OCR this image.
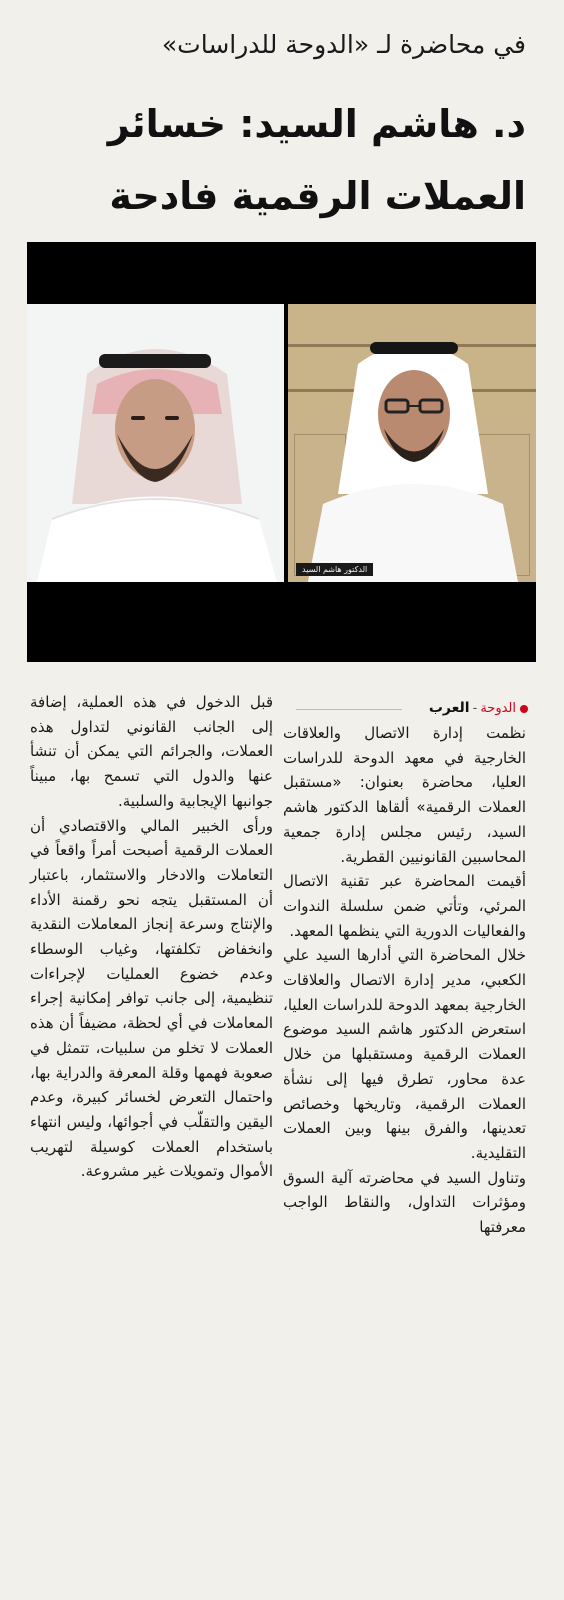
في محاضرة لـ «الدوحة للدراسات»
د. هاشم السيد: خسائر
العملات الرقمية فادحة
الدكتور هاشم السيد
الدوحة-العرب

نظمت إدارة الاتصال والعلاقات الخارجية في معهد الدوحة للدراسات العليا، محاضرة بعنوان: «مستقبل العملات الرقمية» ألقاها الدكتور هاشم السيد، رئيس مجلس إدارة جمعية المحاسبين القانونيين القطرية.

أقيمت المحاضرة عبر تقنية الاتصال المرئي، وتأتي ضمن سلسلة الندوات والفعاليات الدورية التي ينظمها المعهد.

خلال المحاضرة التي أدارها السيد علي الكعبي، مدير إدارة الاتصال والعلاقات الخارجية بمعهد الدوحة للدراسات العليا، استعرض الدكتور هاشم السيد موضوع العملات الرقمية ومستقبلها من خلال عدة محاور، تطرق فيها إلى نشأة العملات الرقمية، وتاريخها وخصائص تعدينها، والفرق بينها وبين العملات التقليدية.

وتناول السيد في محاضرته آلية السوق ومؤثرات التداول، والنقاط الواجب معرفتها

قبل الدخول في هذه العملية، إضافة إلى الجانب القانوني لتداول هذه العملات، والجرائم التي يمكن أن تنشأ عنها والدول التي تسمح بها، مبيناً جوانبها الإيجابية والسلبية.

ورأى الخبير المالي والاقتصادي أن العملات الرقمية أصبحت أمراً واقعاً في التعاملات والادخار والاستثمار، باعتبار أن المستقبل يتجه نحو رقمنة الأداء والإنتاج وسرعة إنجاز المعاملات النقدية وانخفاض تكلفتها، وغياب الوسطاء وعدم خضوع العمليات لإجراءات تنظيمية، إلى جانب توافر إمكانية إجراء المعاملات في أي لحظة، مضيفاً أن هذه العملات لا تخلو من سلبيات، تتمثل في صعوبة فهمها وقلة المعرفة والدراية بها، واحتمال التعرض لخسائر كبيرة، وعدم اليقين والتقلّب في أجوائها، وليس انتهاء باستخدام العملات كوسيلة لتهريب الأموال وتمويلات غير مشروعة.
